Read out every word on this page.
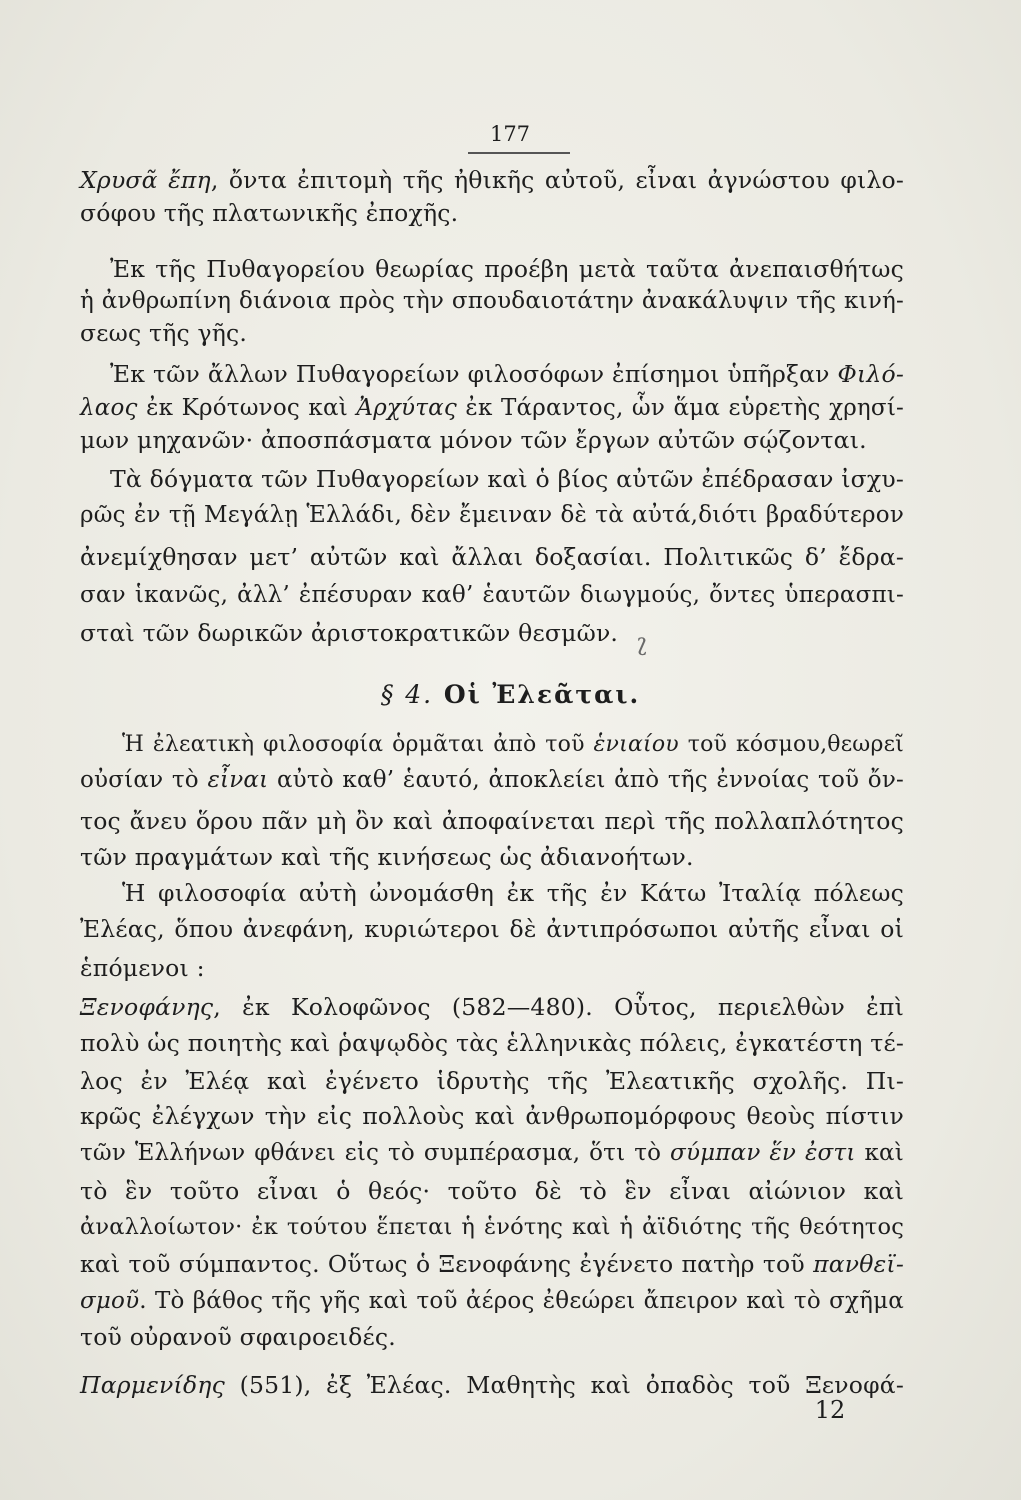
177
Χρυσᾶ ἔπη, ὄντα ἐπιτομὴ τῆς ἠθικῆς αὐτοῦ, εἶναι ἀγνώστου φιλο-
σόφου τῆς πλατωνικῆς ἐποχῆς.
Ἐκ τῆς Πυθαγορείου θεωρίας προέβη μετὰ ταῦτα ἀνεπαισθήτως
ἡ ἀνθρωπίνη διάνοια πρὸς τὴν σπουδαιοτάτην ἀνακάλυψιν τῆς κινή-
σεως τῆς γῆς.
Ἐκ τῶν ἄλλων Πυθαγορείων φιλοσόφων ἐπίσημοι ὑπῆρξαν Φιλό-
λαος ἐκ Κρότωνος καὶ Ἀρχύτας ἐκ Τάραντος, ὧν ἅμα εὑρετὴς χρησί-
μων μηχανῶν· ἀποσπάσματα μόνον τῶν ἔργων αὐτῶν σῴζονται.
Τὰ δόγματα τῶν Πυθαγορείων καὶ ὁ βίος αὐτῶν ἐπέδρασαν ἰσχυ-
ρῶς ἐν τῇ Μεγάλῃ Ἑλλάδι, δὲν ἔμειναν δὲ τὰ αὐτά,διότι βραδύτερον
ἀνεμίχθησαν μετ’ αὐτῶν καὶ ἄλλαι δοξασίαι. Πολιτικῶς δ’ ἔδρα-
σαν ἱκανῶς, ἀλλ’ ἐπέσυραν καθ’ ἑαυτῶν διωγμούς, ὄντες ὑπερασπι-
σταὶ τῶν δωρικῶν ἀριστοκρατικῶν θεσμῶν. ʅ
§ 4. Οἱ Ἐλεᾶται.
Ἡ ἐλεατικὴ φιλοσοφία ὁρμᾶται ἀπὸ τοῦ ἑνιαίου τοῦ κόσμου,θεωρεῖ
οὐσίαν τὸ εἶναι αὐτὸ καθ’ ἑαυτό, ἀποκλείει ἀπὸ τῆς ἐννοίας τοῦ ὄν-
τος ἄνευ ὅρου πᾶν μὴ ὂν καὶ ἀποφαίνεται περὶ τῆς πολλαπλότητος
τῶν πραγμάτων καὶ τῆς κινήσεως ὡς ἀδιανοήτων.
Ἡ φιλοσοφία αὐτὴ ὠνομάσθη ἐκ τῆς ἐν Κάτω Ἰταλίᾳ πόλεως
Ἐλέας, ὅπου ἀνεφάνη, κυριώτεροι δὲ ἀντιπρόσωποι αὐτῆς εἶναι οἱ
ἑπόμενοι :
Ξενοφάνης, ἐκ Κολοφῶνος (582—480). Οὗτος, περιελθὼν ἐπὶ
πολὺ ὡς ποιητὴς καὶ ῥαψῳδὸς τὰς ἑλληνικὰς πόλεις, ἐγκατέστη τέ-
λος ἐν Ἐλέᾳ καὶ ἐγένετο ἱδρυτὴς τῆς Ἐλεατικῆς σχολῆς. Πι-
κρῶς ἐλέγχων τὴν εἰς πολλοὺς καὶ ἀνθρωπομόρφους θεοὺς πίστιν
τῶν Ἑλλήνων φθάνει εἰς τὸ συμπέρασμα, ὅτι τὸ σύμπαν ἕν ἐστι καὶ
τὸ ἓν τοῦτο εἶναι ὁ θεός· τοῦτο δὲ τὸ ἓν εἶναι αἰώνιον καὶ
ἀναλλοίωτον· ἐκ τούτου ἕπεται ἡ ἑνότης καὶ ἡ ἀϊδιότης τῆς θεότητος
καὶ τοῦ σύμπαντος. Οὕτως ὁ Ξενοφάνης ἐγένετο πατὴρ τοῦ πανθεϊ-
σμοῦ. Τὸ βάθος τῆς γῆς καὶ τοῦ ἀέρος ἐθεώρει ἄπειρον καὶ τὸ σχῆμα
τοῦ οὐρανοῦ σφαιροειδές.
Παρμενίδης (551), ἐξ Ἐλέας. Μαθητὴς καὶ ὀπαδὸς τοῦ Ξενοφά-
12
